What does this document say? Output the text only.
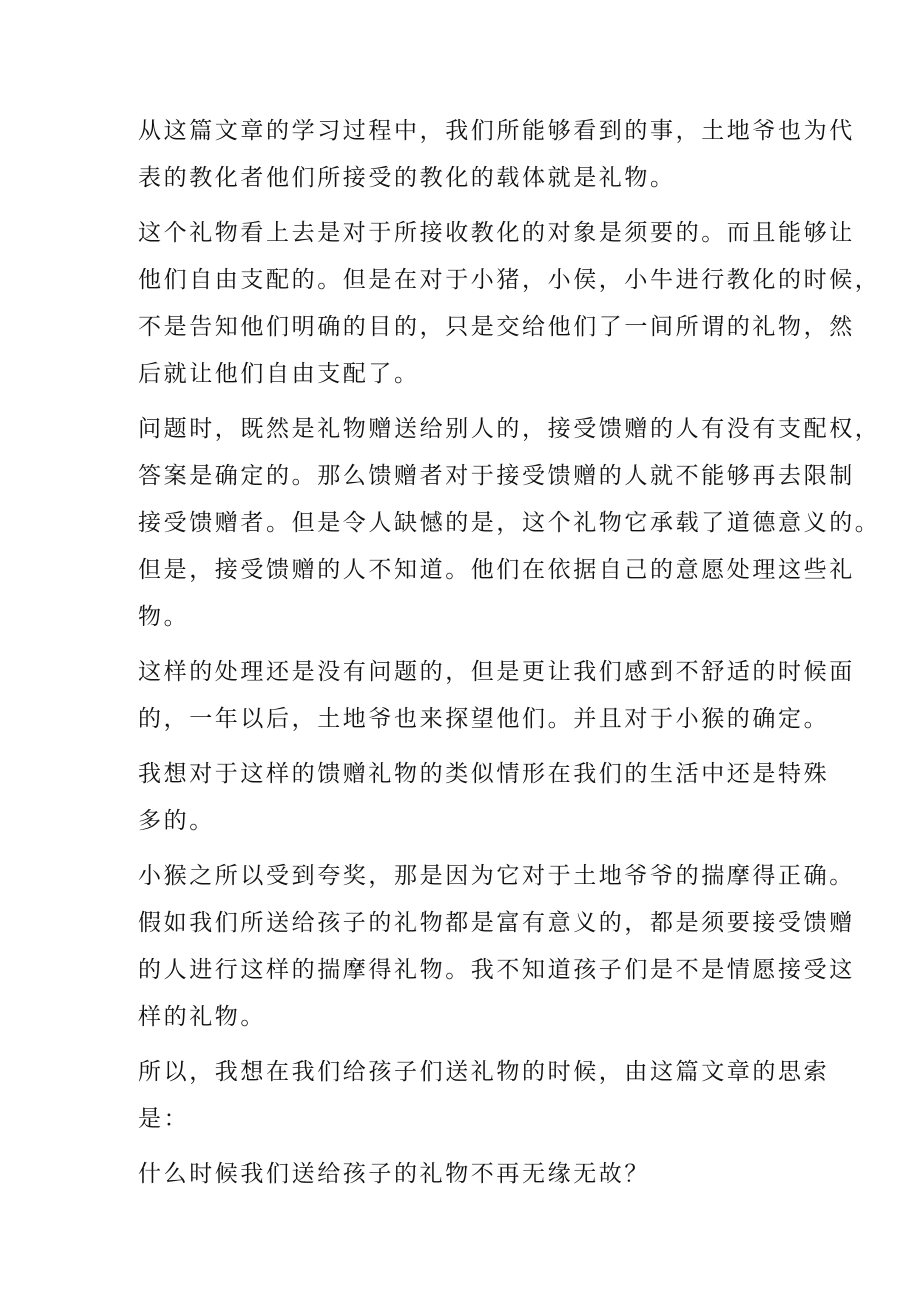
从这篇文章的学习过程中，我们所能够看到的事，土地爷也为代
表的教化者他们所接受的教化的载体就是礼物。

这个礼物看上去是对于所接收教化的对象是须要的。而且能够让
他们自由支配的。但是在对于小猪，小侯，小牛进行教化的时候，
不是告知他们明确的目的，只是交给他们了一间所谓的礼物，然
后就让他们自由支配了。

问题时，既然是礼物赠送给别人的，接受馈赠的人有没有支配权，
答案是确定的。那么馈赠者对于接受馈赠的人就不能够再去限制
接受馈赠者。但是令人缺憾的是，这个礼物它承载了道德意义的。
但是，接受馈赠的人不知道。他们在依据自己的意愿处理这些礼
物。

这样的处理还是没有问题的，但是更让我们感到不舒适的时候面
的，一年以后，土地爷也来探望他们。并且对于小猴的确定。

我想对于这样的馈赠礼物的类似情形在我们的生活中还是特殊
多的。

小猴之所以受到夸奖，那是因为它对于土地爷爷的揣摩得正确。
假如我们所送给孩子的礼物都是富有意义的，都是须要接受馈赠
的人进行这样的揣摩得礼物。我不知道孩子们是不是情愿接受这
样的礼物。

所以，我想在我们给孩子们送礼物的时候，由这篇文章的思索
是：

什么时候我们送给孩子的礼物不再无缘无故？
